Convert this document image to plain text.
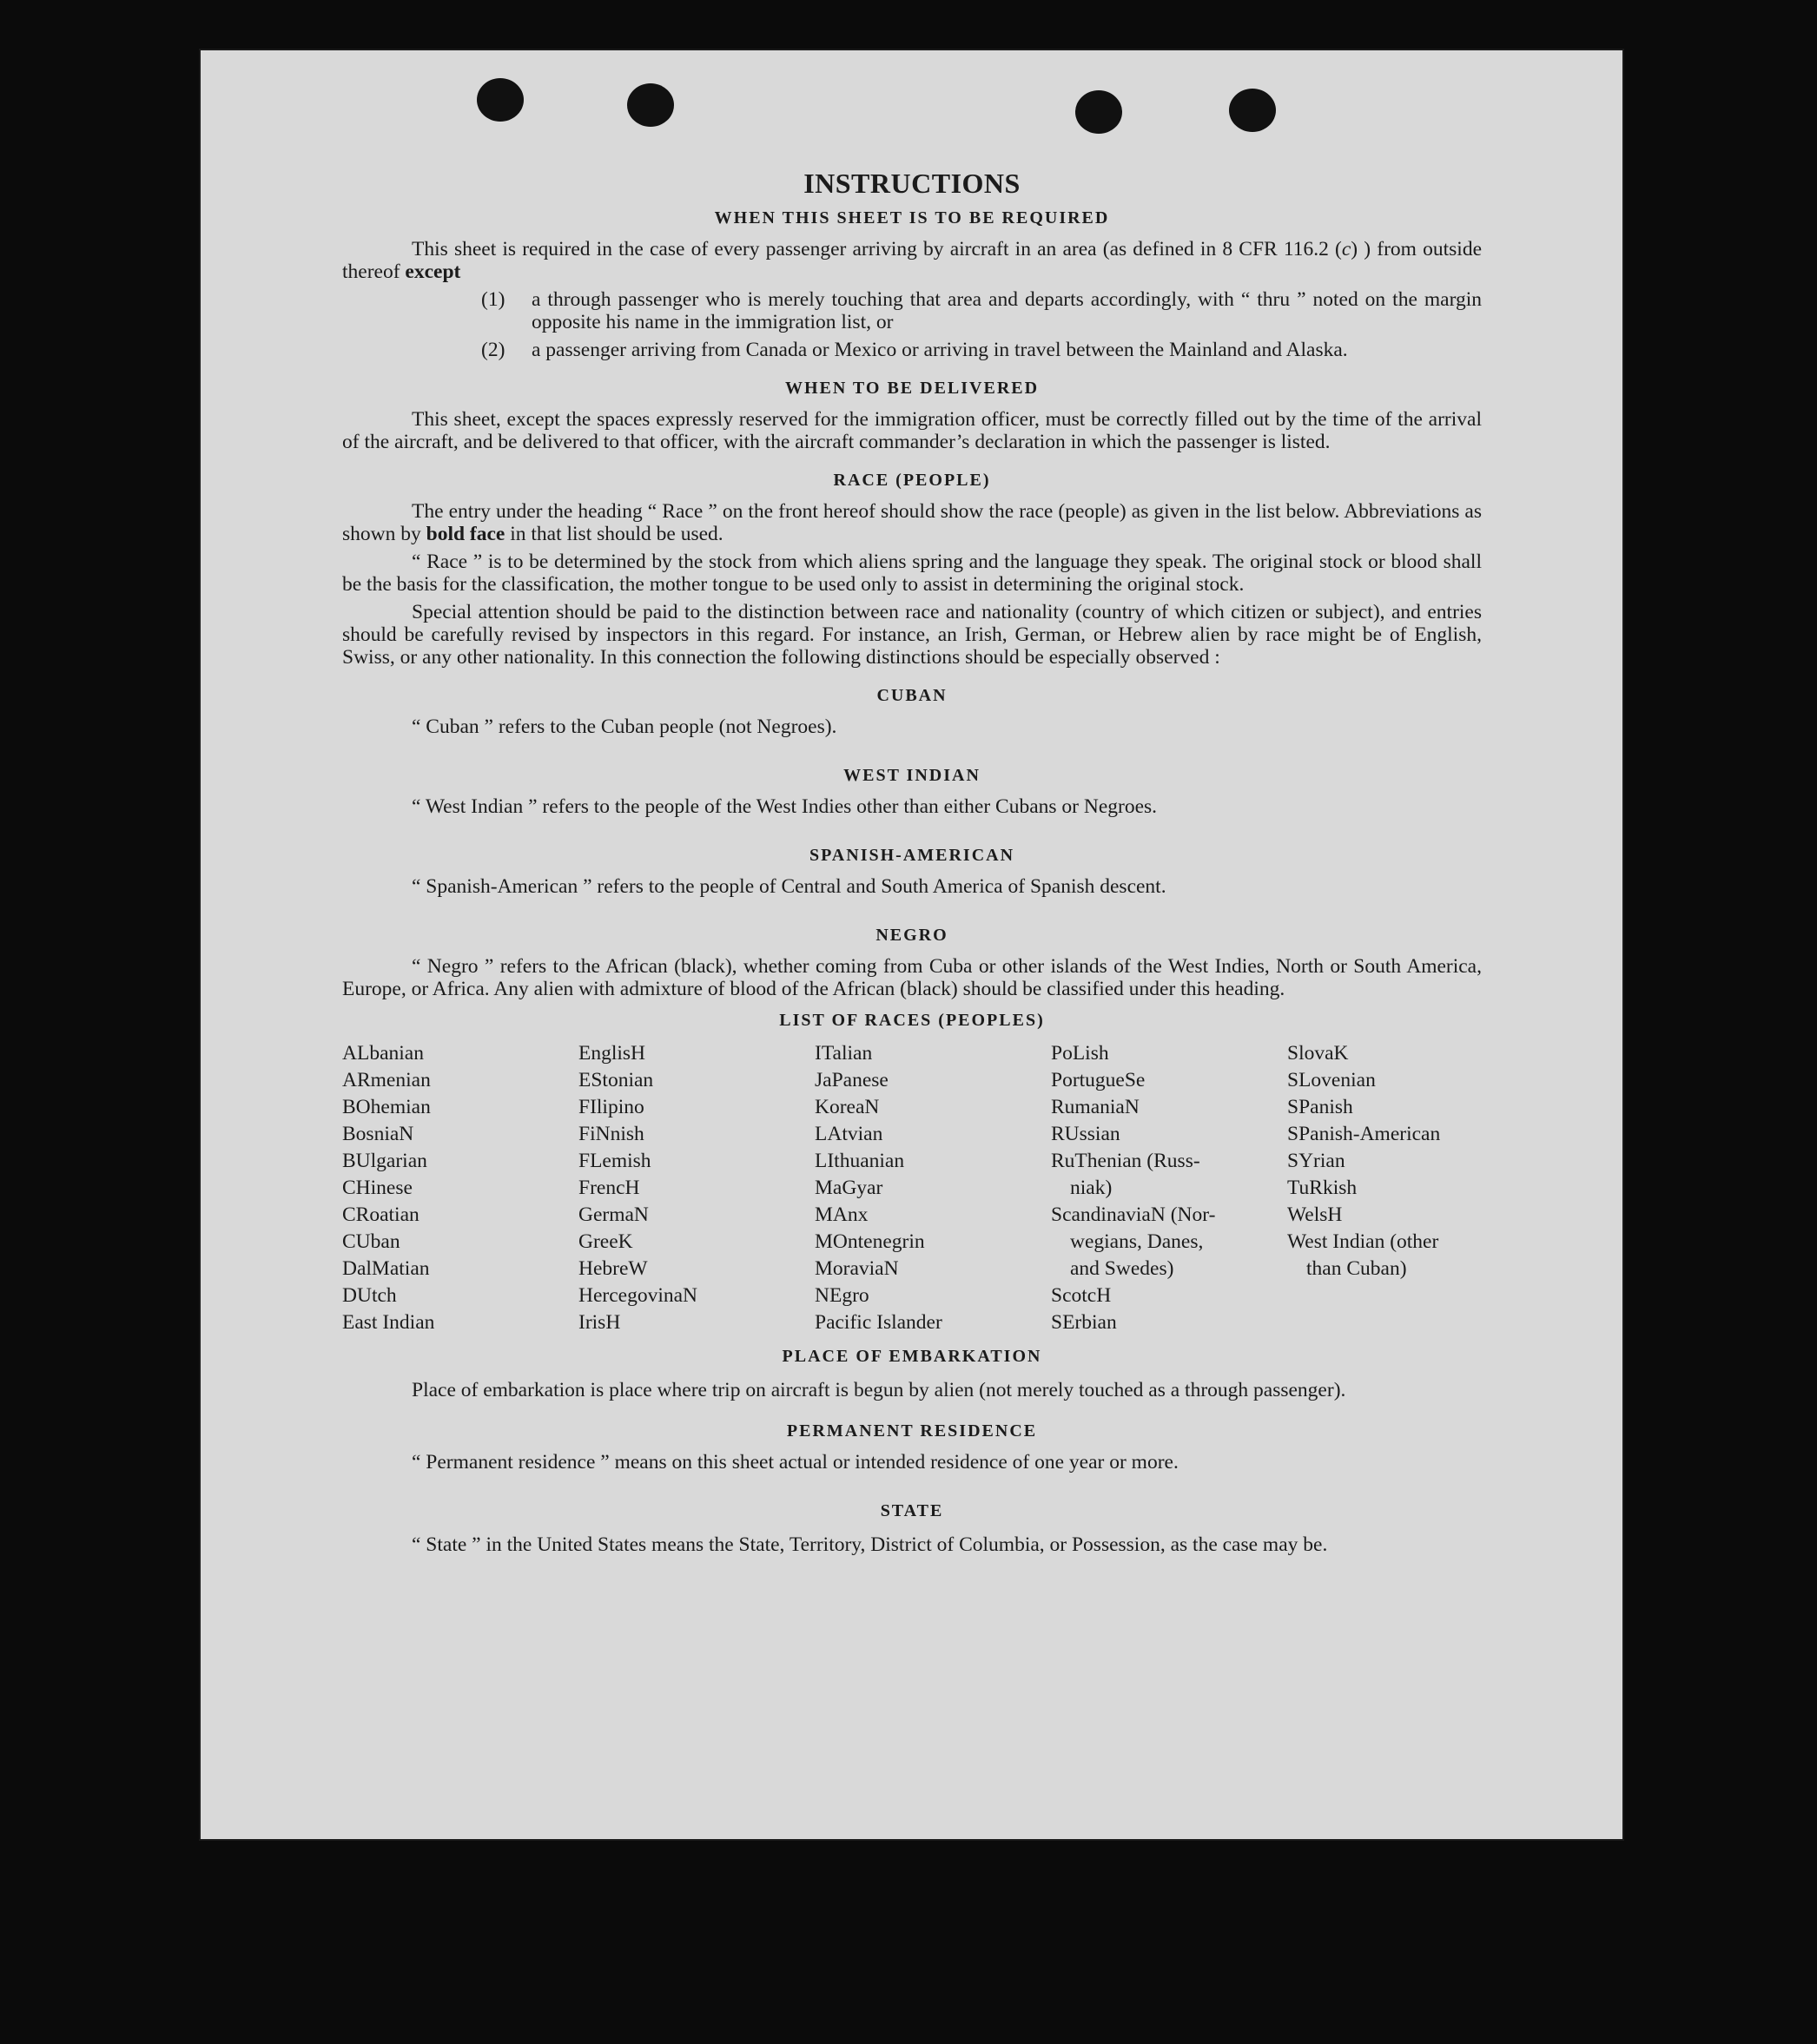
INSTRUCTIONS
WHEN THIS SHEET IS TO BE REQUIRED

This sheet is required in the case of every passenger arriving by aircraft in an area (as defined in 8 CFR 116.2 (c) ) from outside thereof except

(1) a through passenger who is merely touching that area and departs accordingly, with “ thru ” noted on the margin opposite his name in the immigration list, or
(2) a passenger arriving from Canada or Mexico or arriving in travel between the Mainland and Alaska.
WHEN TO BE DELIVERED

This sheet, except the spaces expressly reserved for the immigration officer, must be correctly filled out by the time of the arrival of the aircraft, and be delivered to that officer, with the aircraft commander’s declaration in which the passenger is listed.

RACE (PEOPLE)

The entry under the heading “ Race ” on the front hereof should show the race (people) as given in the list below. Abbreviations as shown by bold face in that list should be used.

“ Race ” is to be determined by the stock from which aliens spring and the language they speak. The original stock or blood shall be the basis for the classification, the mother tongue to be used only to assist in determining the original stock.

Special attention should be paid to the distinction between race and nationality (country of which citizen or subject), and entries should be carefully revised by inspectors in this regard. For instance, an Irish, German, or Hebrew alien by race might be of English, Swiss, or any other nationality. In this connection the following distinctions should be especially observed :

CUBAN

“ Cuban ” refers to the Cuban people (not Negroes).

WEST INDIAN

“ West Indian ” refers to the people of the West Indies other than either Cubans or Negroes.

SPANISH-AMERICAN

“ Spanish-American ” refers to the people of Central and South America of Spanish descent.

NEGRO

“ Negro ” refers to the African (black), whether coming from Cuba or other islands of the West Indies, North or South America, Europe, or Africa. Any alien with admixture of blood of the African (black) should be classified under this heading.

LIST OF RACES (PEOPLES)
ALbanian
ARmenian
BOhemian
BosniaN
BUlgarian
CHinese
CRoatian
CUban
DalMatian
DUtch
East Indian
EnglisH
EStonian
FIlipino
FiNnish
FLemish
FrencH
GermaN
GreeK
HebreW
HercegovinaN
IrisH
ITalian
JaPanese
KoreaN
LAtvian
LIthuanian
MaGyar
MAnx
MOntenegrin
MoraviaN
NEgro
Pacific Islander
PoLish
PortugueSe
RumaniaN
RUssian
RuThenian (Russ-
niak)
ScandinaviaN (Nor-
wegians, Danes,
and Swedes)
ScotcH
SErbian
SlovaK
SLovenian
SPanish
SPanish-American
SYrian
TuRkish
WelsH
West Indian (other
than Cuban)
PLACE OF EMBARKATION

Place of embarkation is place where trip on aircraft is begun by alien (not merely touched as a through passenger).

PERMANENT RESIDENCE

“ Permanent residence ” means on this sheet actual or intended residence of one year or more.

STATE

“ State ” in the United States means the State, Territory, District of Columbia, or Possession, as the case may be.
